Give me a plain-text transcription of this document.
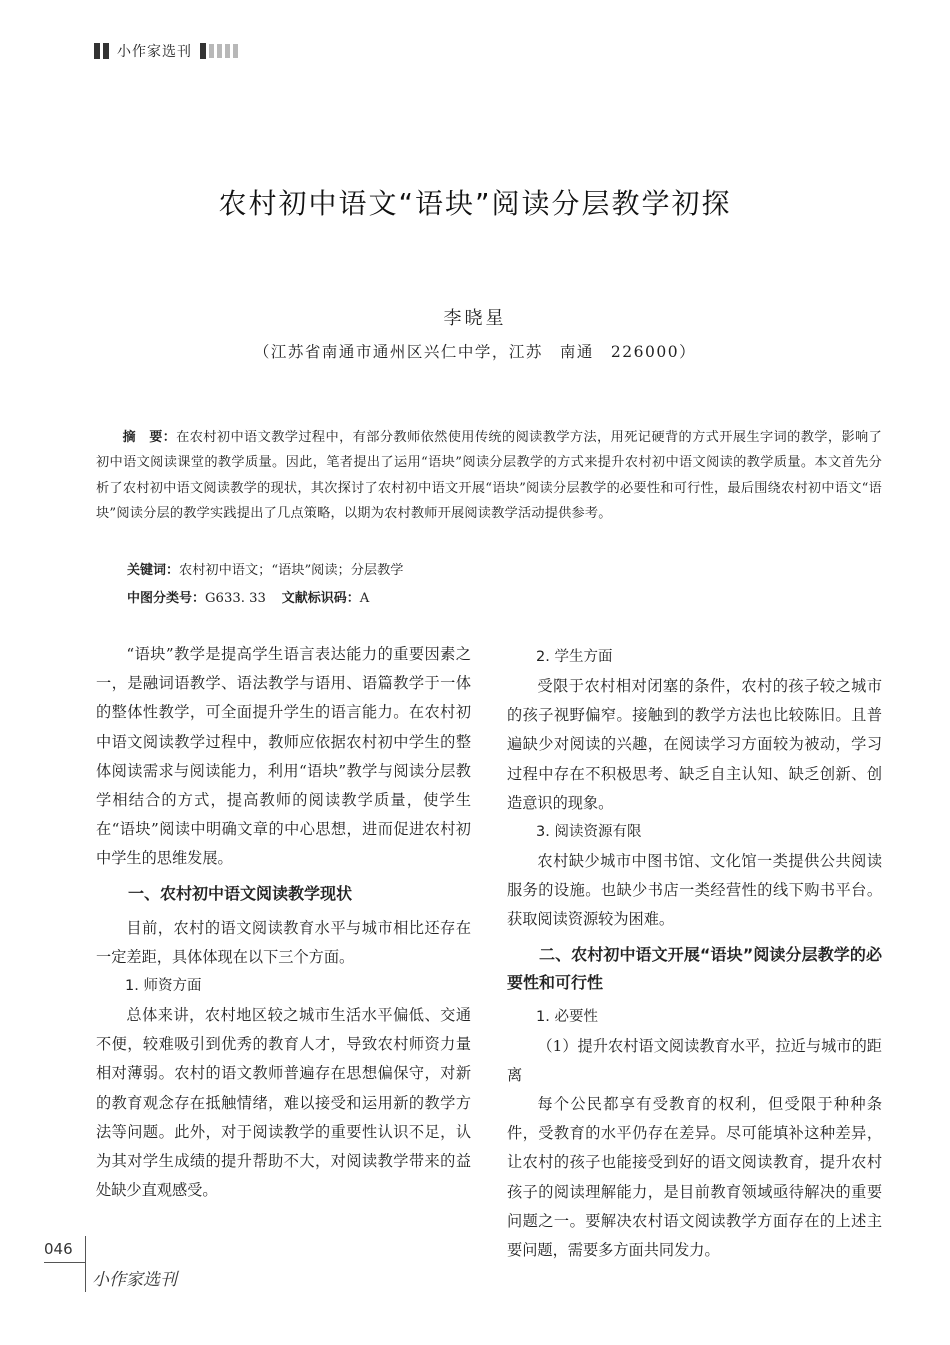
小作家选刊
农村初中语文“语块”阅读分层教学初探
李晓星
（江苏省南通市通州区兴仁中学，江苏　南通　226000）
摘　要：在农村初中语文教学过程中，有部分教师依然使用传统的阅读教学方法，用死记硬背的方式开展生字词的教学，影响了初中语文阅读课堂的教学质量。因此，笔者提出了运用“语块”阅读分层教学的方式来提升农村初中语文阅读的教学质量。本文首先分析了农村初中语文阅读教学的现状，其次探讨了农村初中语文开展“语块”阅读分层教学的必要性和可行性，最后围绕农村初中语文“语块”阅读分层的教学实践提出了几点策略，以期为农村教师开展阅读教学活动提供参考。
关键词：农村初中语文；“语块”阅读；分层教学
中图分类号：G633. 33 文献标识码：A

“语块”教学是提高学生语言表达能力的重要因素之一，是融词语教学、语法教学与语用、语篇教学于一体的整体性教学，可全面提升学生的语言能力。在农村初中语文阅读教学过程中，教师应依据农村初中学生的整体阅读需求与阅读能力，利用“语块”教学与阅读分层教学相结合的方式，提高教师的阅读教学质量，使学生在“语块”阅读中明确文章的中心思想，进而促进农村初中学生的思维发展。

一、农村初中语文阅读教学现状

目前，农村的语文阅读教育水平与城市相比还存在一定差距，具体体现在以下三个方面。

1. 师资方面

总体来讲，农村地区较之城市生活水平偏低、交通不便，较难吸引到优秀的教育人才，导致农村师资力量相对薄弱。农村的语文教师普遍存在思想偏保守，对新的教育观念存在抵触情绪，难以接受和运用新的教学方法等问题。此外，对于阅读教学的重要性认识不足，认为其对学生成绩的提升帮助不大，对阅读教学带来的益处缺少直观感受。

2. 学生方面

受限于农村相对闭塞的条件，农村的孩子较之城市的孩子视野偏窄。接触到的教学方法也比较陈旧。且普遍缺少对阅读的兴趣，在阅读学习方面较为被动，学习过程中存在不积极思考、缺乏自主认知、缺乏创新、创造意识的现象。

3. 阅读资源有限

农村缺少城市中图书馆、文化馆一类提供公共阅读服务的设施。也缺少书店一类经营性的线下购书平台。获取阅读资源较为困难。

二、农村初中语文开展“语块”阅读分层教学的必要性和可行性
1. 必要性

（1）提升农村语文阅读教育水平，拉近与城市的距离

每个公民都享有受教育的权利，但受限于种种条件，受教育的水平仍存在差异。尽可能填补这种差异，让农村的孩子也能接受到好的语文阅读教育，提升农村孩子的阅读理解能力，是目前教育领域亟待解决的重要问题之一。要解决农村语文阅读教学方面存在的上述主要问题，需要多方面共同发力。

046
小作家选刊
